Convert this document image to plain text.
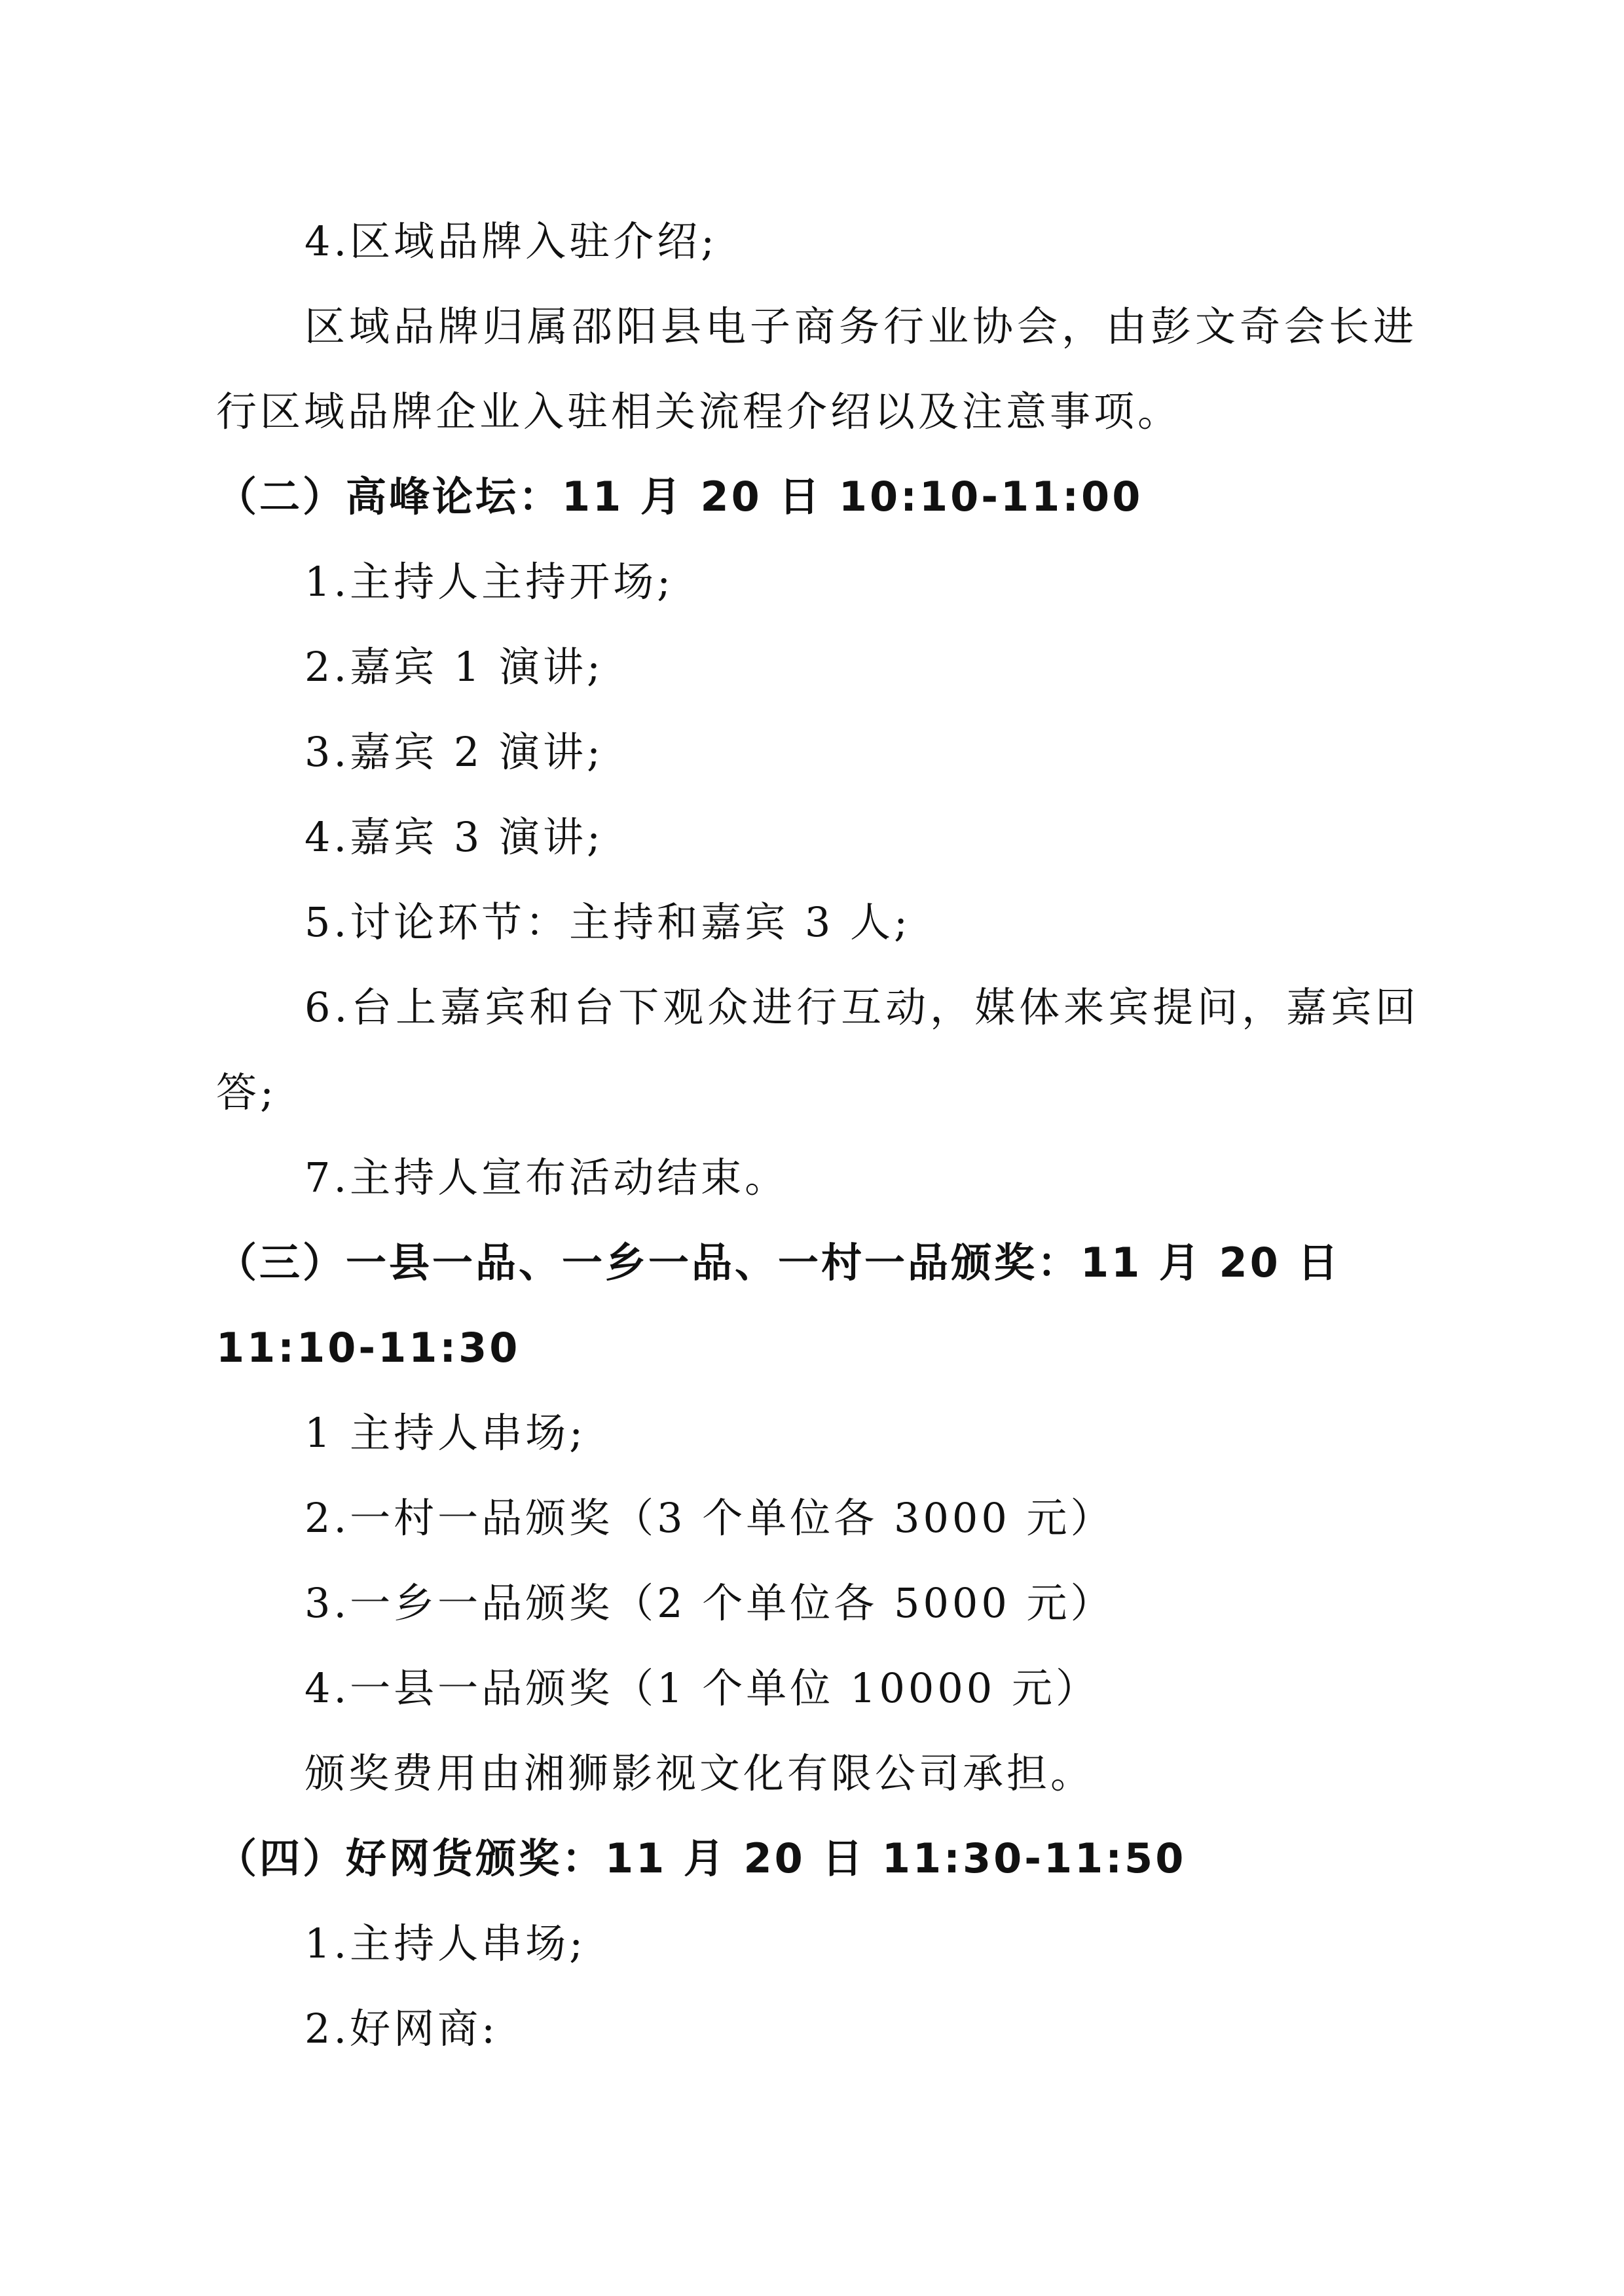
4.区域品牌入驻介绍;
区域品牌归属邵阳县电子商务行业协会，由彭文奇会长进
行区域品牌企业入驻相关流程介绍以及注意事项。
（二）高峰论坛：11 月 20 日 10:10-11:00
1.主持人主持开场;
2.嘉宾 1 演讲;
3.嘉宾 2 演讲;
4.嘉宾 3 演讲;
5.讨论环节：主持和嘉宾 3 人;
6.台上嘉宾和台下观众进行互动，媒体来宾提问，嘉宾回
答;
7.主持人宣布活动结束。
（三）一县一品、一乡一品、一村一品颁奖：11 月 20 日
11:10-11:30
1 主持人串场;
2.一村一品颁奖（3 个单位各 3000 元）
3.一乡一品颁奖（2 个单位各 5000 元）
4.一县一品颁奖（1 个单位 10000 元）
颁奖费用由湘狮影视文化有限公司承担。
（四）好网货颁奖：11 月 20 日 11:30-11:50
1.主持人串场;
2.好网商:
